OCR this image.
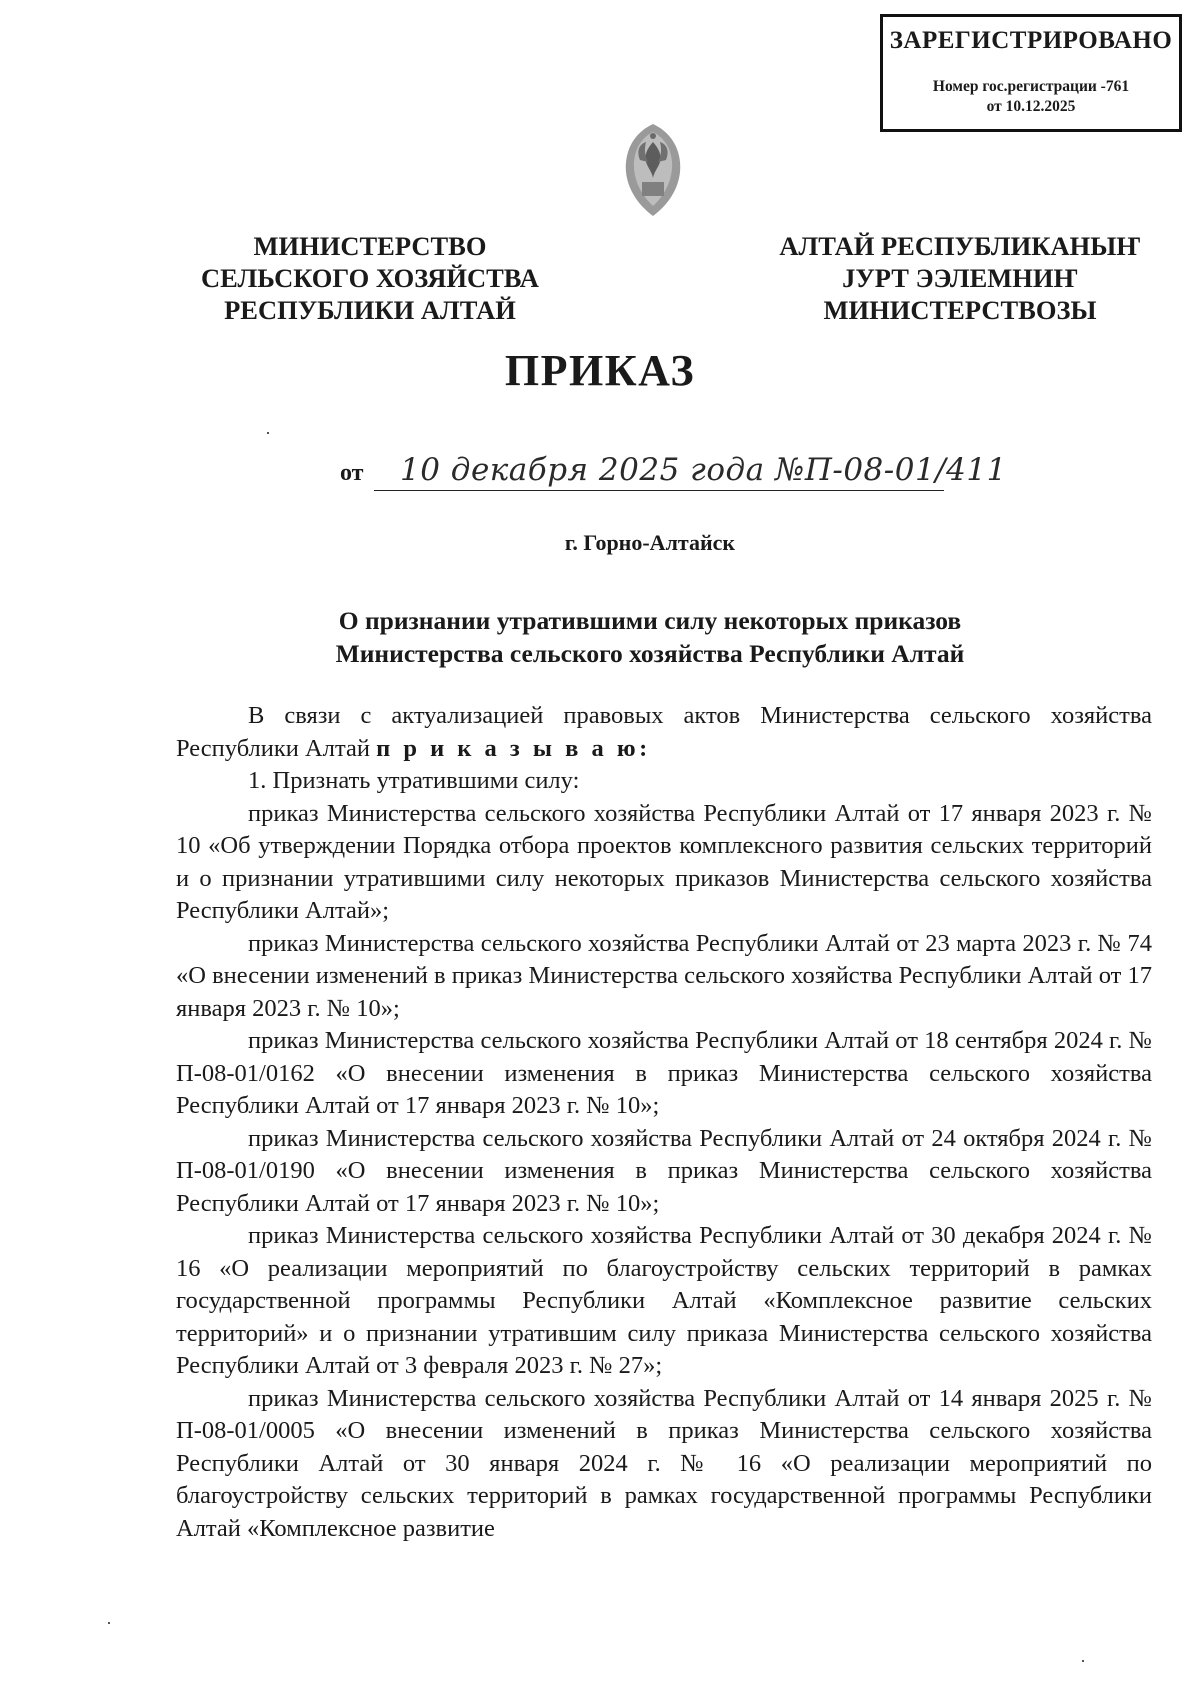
ЗАРЕГИСТРИРОВАНО
Номер гос.регистрации -761
от 10.12.2025
МИНИСТЕРСТВО
СЕЛЬСКОГО ХОЗЯЙСТВА
РЕСПУБЛИКИ АЛТАЙ
АЛТАЙ РЕСПУБЛИКАНЫҤ
ЈУРТ ЭЭЛЕМНИҤ
МИНИСТЕРСТВОЗЫ
ПРИКАЗ
от 10 декабря 2025 года №П-08-01/411
г. Горно-Алтайск
О признании утратившими силу некоторых приказов
Министерства сельского хозяйства Республики Алтай

В связи с актуализацией правовых актов Министерства сельского хозяйства Республики Алтай п р и к а з ы в а ю:

1. Признать утратившими силу:

приказ Министерства сельского хозяйства Республики Алтай от 17 января 2023 г. № 10 «Об утверждении Порядка отбора проектов комплексного развития сельских территорий и о признании утратившими силу некоторых приказов Министерства сельского хозяйства Республики Алтай»;

приказ Министерства сельского хозяйства Республики Алтай от 23 марта 2023 г. № 74 «О внесении изменений в приказ Министерства сельского хозяйства Республики Алтай от 17 января 2023 г. № 10»;

приказ Министерства сельского хозяйства Республики Алтай от 18 сентября 2024 г. № П-08-01/0162 «О внесении изменения в приказ Министерства сельского хозяйства Республики Алтай от 17 января 2023 г. № 10»;

приказ Министерства сельского хозяйства Республики Алтай от 24 октября 2024 г. № П-08-01/0190 «О внесении изменения в приказ Министерства сельского хозяйства Республики Алтай от 17 января 2023 г. № 10»;

приказ Министерства сельского хозяйства Республики Алтай от 30 декабря 2024 г. № 16 «О реализации мероприятий по благоустройству сельских территорий в рамках государственной программы Республики Алтай «Комплексное развитие сельских территорий» и о признании утратившим силу приказа Министерства сельского хозяйства Республики Алтай от 3 февраля 2023 г. № 27»;

приказ Министерства сельского хозяйства Республики Алтай от 14 января 2025 г. № П-08-01/0005 «О внесении изменений в приказ Министерства сельского хозяйства Республики Алтай от 30 января 2024 г. № 16 «О реализации мероприятий по благоустройству сельских территорий в рамках государственной программы Республики Алтай «Комплексное развитие
